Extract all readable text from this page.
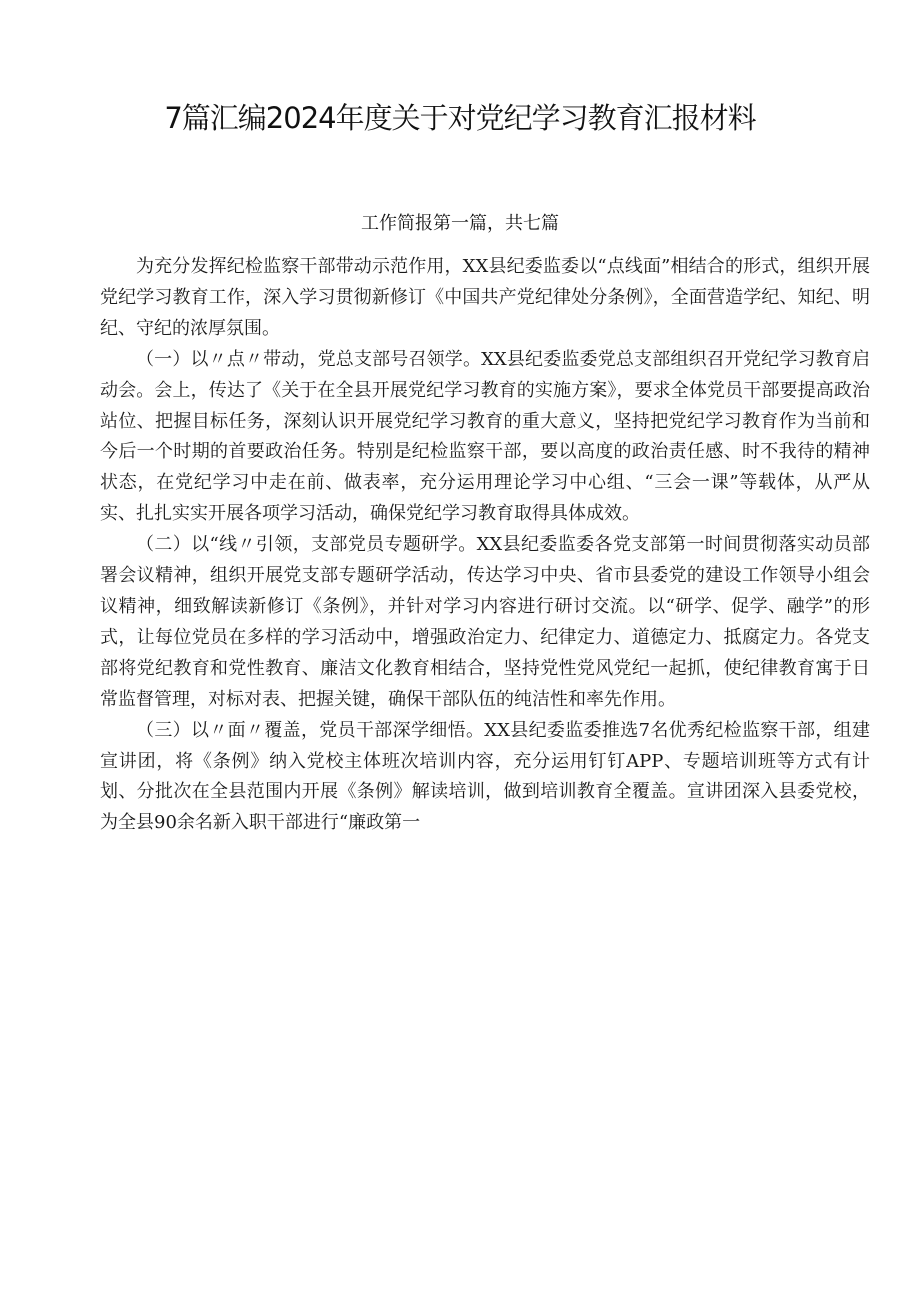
7篇汇编2024年度关于对党纪学习教育汇报材料
工作简报第一篇，共七篇

为充分发挥纪检监察干部带动示范作用，XX县纪委监委以“点线面”相结合的形式，组织开展党纪学习教育工作，深入学习贯彻新修订《中国共产党纪律处分条例》，全面营造学纪、知纪、明纪、守纪的浓厚氛围。

（一）以〃点〃带动，党总支部号召领学。XX县纪委监委党总支部组织召开党纪学习教育启动会。会上，传达了《关于在全县开展党纪学习教育的实施方案》，要求全体党员干部要提高政治站位、把握目标任务，深刻认识开展党纪学习教育的重大意义，坚持把党纪学习教育作为当前和今后一个时期的首要政治任务。特别是纪检监察干部，要以高度的政治责任感、时不我待的精神状态，在党纪学习中走在前、做表率，充分运用理论学习中心组、“三会一课”等载体，从严从实、扎扎实实开展各项学习活动，确保党纪学习教育取得具体成效。

（二）以“线〃引领，支部党员专题研学。XX县纪委监委各党支部第一时间贯彻落实动员部署会议精神，组织开展党支部专题研学活动，传达学习中央、省市县委党的建设工作领导小组会议精神，细致解读新修订《条例》，并针对学习内容进行研讨交流。以“研学、促学、融学”的形式，让每位党员在多样的学习活动中，增强政治定力、纪律定力、道德定力、抵腐定力。各党支部将党纪教育和党性教育、廉洁文化教育相结合，坚持党性党风党纪一起抓，使纪律教育寓于日常监督管理，对标对表、把握关键，确保干部队伍的纯洁性和率先作用。

（三）以〃面〃覆盖，党员干部深学细悟。XX县纪委监委推选7名优秀纪检监察干部，组建宣讲团，将《条例》纳入党校主体班次培训内容，充分运用钉钉APP、专题培训班等方式有计划、分批次在全县范围内开展《条例》解读培训，做到培训教育全覆盖。宣讲团深入县委党校，为全县90余名新入职干部进行“廉政第一
